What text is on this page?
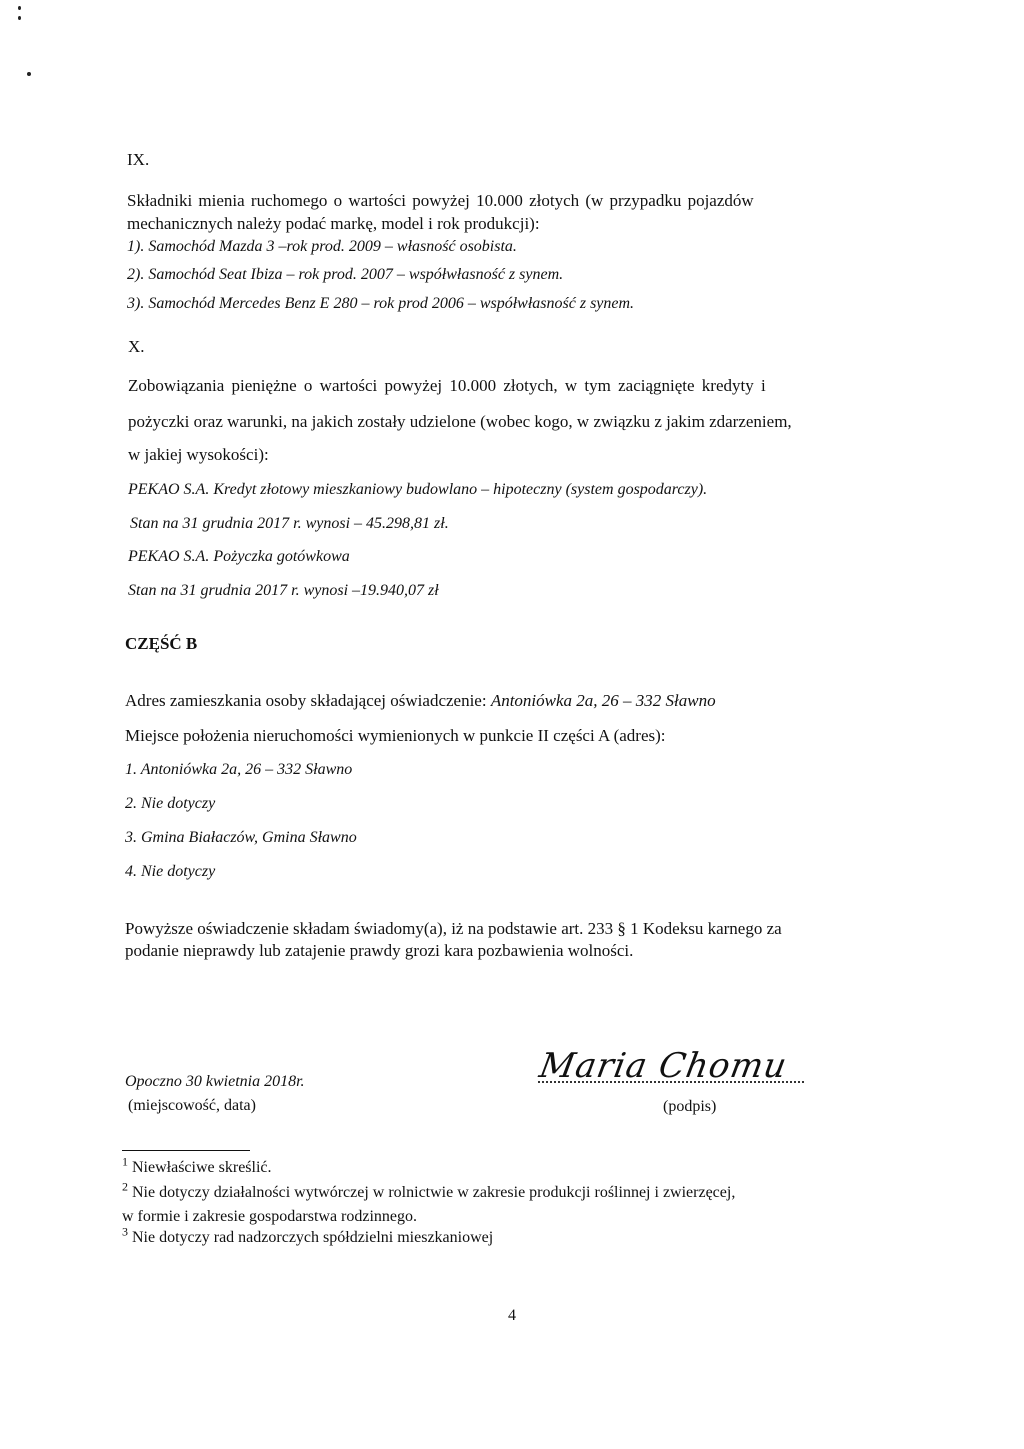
IX.
Składniki mienia ruchomego o wartości powyżej 10.000 złotych (w przypadku pojazdów
mechanicznych należy podać markę, model i rok produkcji):
1). Samochód Mazda 3 –rok prod. 2009 – własność osobista.
2). Samochód Seat Ibiza – rok prod. 2007 – współwłasność z synem.
3). Samochód Mercedes Benz E 280 – rok prod 2006 – współwłasność z synem.
X.
Zobowiązania pieniężne o wartości powyżej 10.000 złotych, w tym zaciągnięte kredyty i
pożyczki oraz warunki, na jakich zostały udzielone (wobec kogo, w związku z jakim zdarzeniem,
w jakiej wysokości):
PEKAO S.A. Kredyt złotowy mieszkaniowy budowlano – hipoteczny (system gospodarczy).
Stan na 31 grudnia 2017 r. wynosi – 45.298,81 zł.
PEKAO S.A. Pożyczka gotówkowa
Stan na 31 grudnia 2017 r. wynosi –19.940,07 zł
CZĘŚĆ B
Adres zamieszkania osoby składającej oświadczenie: Antoniówka 2a, 26 – 332 Sławno
Miejsce położenia nieruchomości wymienionych w punkcie II części A (adres):
1. Antoniówka 2a, 26 – 332 Sławno
2. Nie dotyczy
3. Gmina Białaczów, Gmina Sławno
4. Nie dotyczy
Powyższe oświadczenie składam świadomy(a), iż na podstawie art. 233 § 1 Kodeksu karnego za
podanie nieprawdy lub zatajenie prawdy grozi kara pozbawienia wolności.
Opoczno 30 kwietnia 2018r.
(miejscowość, data)
Maria Chomu
(podpis)
$^1$ Niewłaściwe skreślić.
$^2$ Nie dotyczy działalności wytwórczej w rolnictwie w zakresie produkcji roślinnej i zwierzęcej,
w formie i zakresie gospodarstwa rodzinnego.
$^3$ Nie dotyczy rad nadzorczych spółdzielni mieszkaniowej
4
